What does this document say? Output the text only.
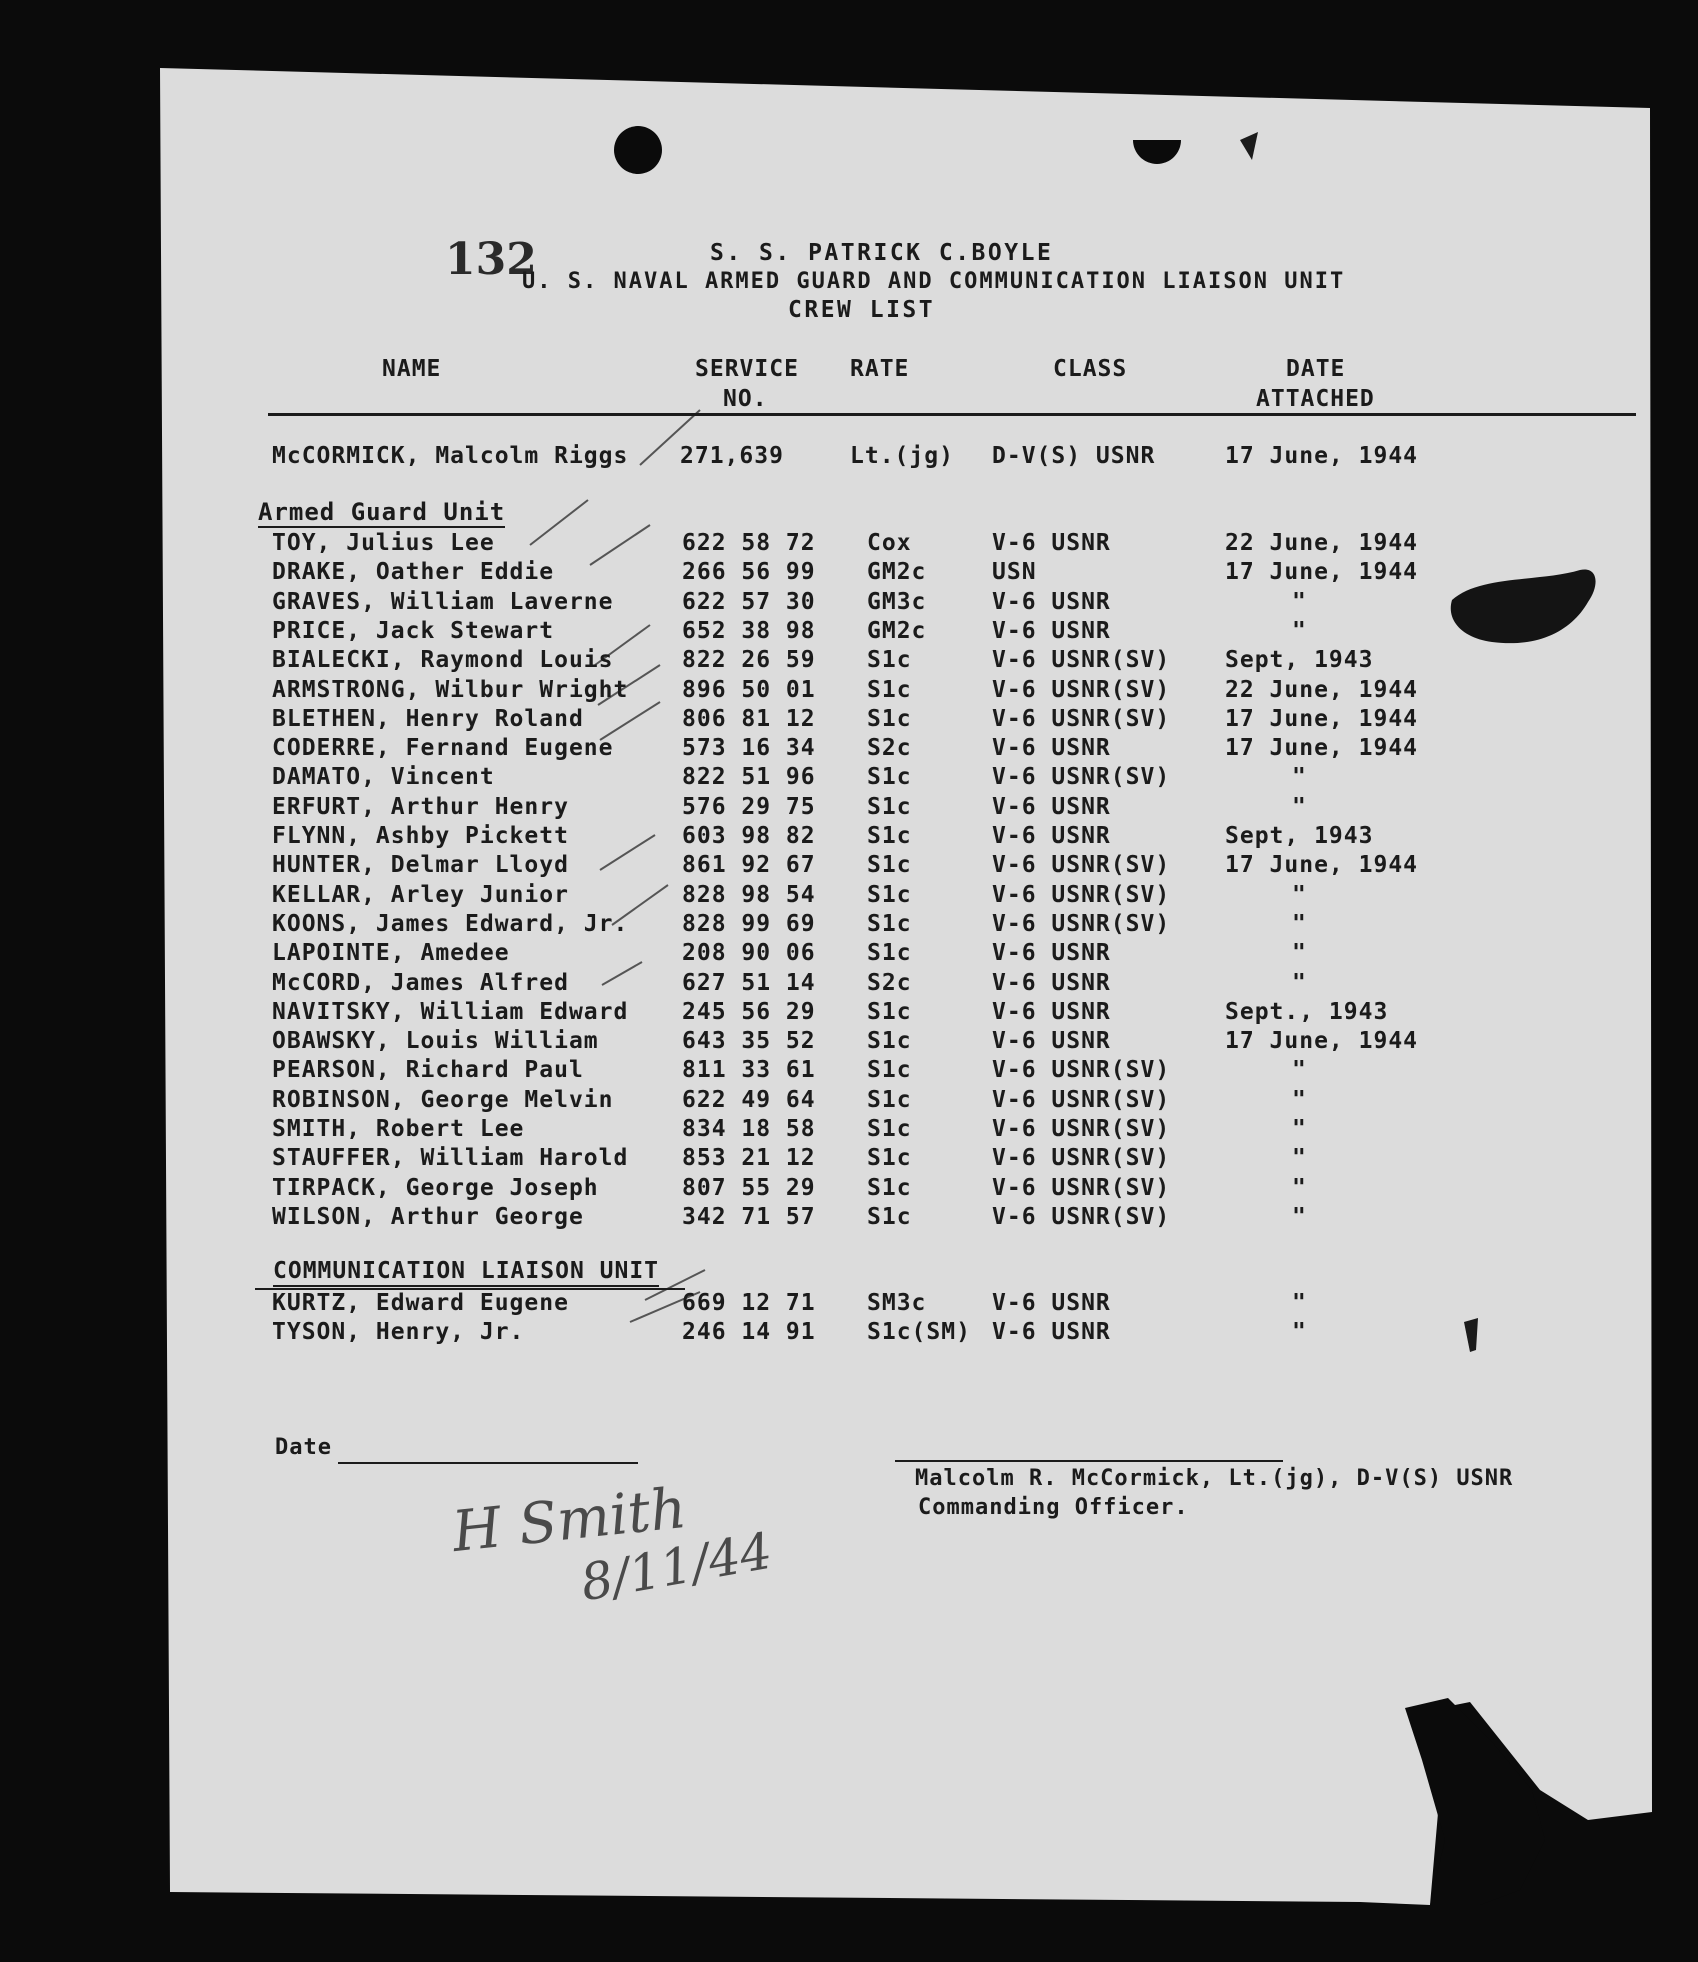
132	S. S. PATRICK C.BOYLE
U. S. NAVAL ARMED GUARD AND COMMUNICATION LIAISON UNIT
CREW LIST
NAME	SERVICE
NO.
RATE	CLASS	DATE
ATTACHED
McCORMICK, Malcolm Riggs 271,639	Lt.(jg) D-V(S) USNR	17 June, 1944
Armed Guard Unit
TOY, Julius Lee	622 58 72 Cox	V-6 USNR	22 June, 1944
DRAKE, Oather Eddie	266 56 99 GM2c	USN	17 June, 1944
GRAVES, William Laverne	622 57 30 GM3c	V-6 USNR	"
PRICE, Jack Stewart	652 38 98 GM2c	V-6 USNR	"
BIALECKI, Raymond Louis	822 26 59 S1c	V-6 USNR(SV) Sept, 1943
ARMSTRONG, Wilbur Wright 896 50 01 S1c	V-6 USNR(SV) 22 June, 1944
BLETHEN, Henry Roland	806 81 12 S1c	V-6 USNR(SV) 17 June, 1944
CODERRE, Fernand Eugene	573 16 34 S2c	V-6 USNR	17 June, 1944
DAMATO, Vincent	822 51 96 S1c	V-6 USNR(SV)	"
ERFURT, Arthur Henry	576 29 75 S1c	V-6 USNR	"
FLYNN, Ashby Pickett	603 98 82 S1c	V-6 USNR	Sept, 1943
HUNTER, Delmar Lloyd	861 92 67 S1c	V-6 USNR(SV) 17 June, 1944
KELLAR, Arley Junior	828 98 54 S1c	V-6 USNR(SV)	"
KOONS, James Edward, Jr. 828 99 69 S1c	V-6 USNR(SV)	"
LAPOINTE, Amedee	208 90 06 S1c	V-6 USNR	"
McCORD, James Alfred	627 51 14 S2c	V-6 USNR	"
NAVITSKY, William Edward 245 56 29 S1c	V-6 USNR	Sept., 1943
OBAWSKY, Louis William	643 35 52 S1c	V-6 USNR	17 June, 1944
PEARSON, Richard Paul	811 33 61 S1c	V-6 USNR(SV)	"
ROBINSON, George Melvin	622 49 64 S1c	V-6 USNR(SV)	"
SMITH, Robert Lee	834 18 58 S1c	V-6 USNR(SV)	"
STAUFFER, William Harold 853 21 12 S1c	V-6 USNR(SV)	"
TIRPACK, George Joseph	807 55 29 S1c	V-6 USNR(SV)	"
WILSON, Arthur George	342 71 57 S1c	V-6 USNR(SV)	"
COMMUNICATION LIAISON UNIT
KURTZ, Edward Eugene	669 12 71 SM3c	V-6 USNR	"
TYSON, Henry, Jr.	246 14 91 S1c(SM) V-6 USNR	"
Date
Malcolm R. McCormick, Lt.(jg), D-V(S) USNR
Commanding Officer.
H Smith
8/11/44
